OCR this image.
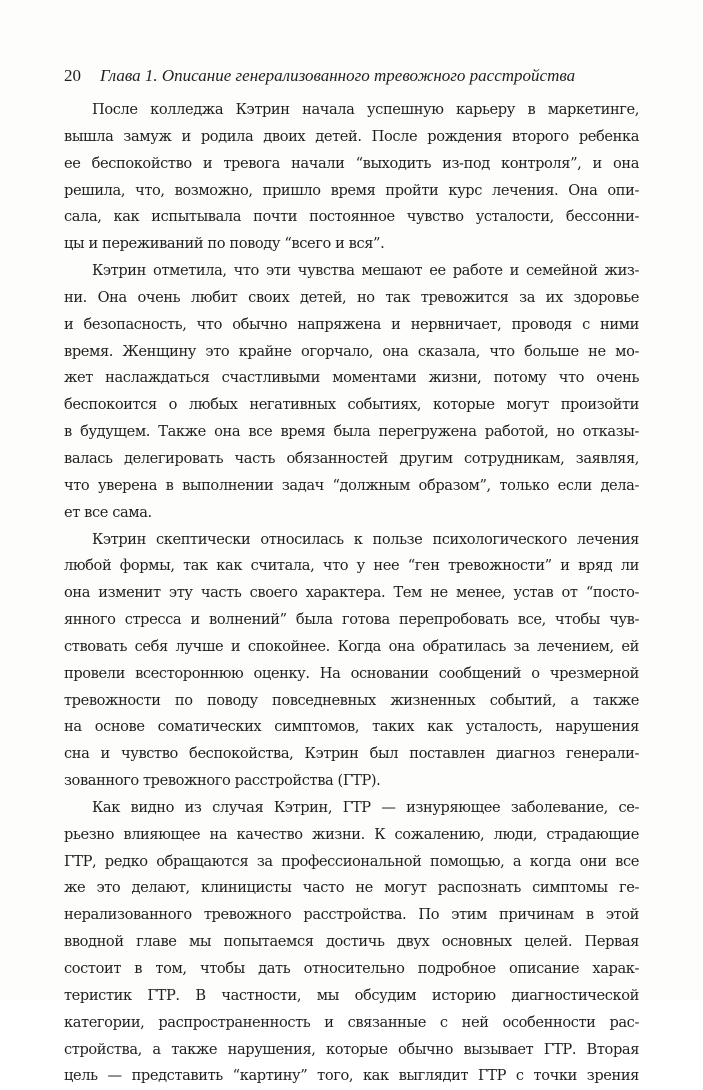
20 Глава 1. Описание генерализованного тревожного расстройства
После колледжа Кэтрин начала успешную карьеру в маркетинге,
вышла замуж и родила двоих детей. После рождения второго ребенка
ее беспокойство и тревога начали “выходить из-под контроля”, и она
решила, что, возможно, пришло время пройти курс лечения. Она опи-
сала, как испытывала почти постоянное чувство усталости, бессонни-
цы и переживаний по поводу “всего и вся”.
Кэтрин отметила, что эти чувства мешают ее работе и семейной жиз-
ни. Она очень любит своих детей, но так тревожится за их здоровье
и безопасность, что обычно напряжена и нервничает, проводя с ними
время. Женщину это крайне огорчало, она сказала, что больше не мо-
жет наслаждаться счастливыми моментами жизни, потому что очень
беспокоится о любых негативных событиях, которые могут произойти
в будущем. Также она все время была перегружена работой, но отказы-
валась делегировать часть обязанностей другим сотрудникам, заявляя,
что уверена в выполнении задач “должным образом”, только если дела-
ет все сама.
Кэтрин скептически относилась к пользе психологического лечения
любой формы, так как считала, что у нее “ген тревожности” и вряд ли
она изменит эту часть своего характера. Тем не менее, устав от “посто-
янного стресса и волнений” была готова перепробовать все, чтобы чув-
ствовать себя лучше и спокойнее. Когда она обратилась за лечением, ей
провели всестороннюю оценку. На основании сообщений о чрезмерной
тревожности по поводу повседневных жизненных событий, а также
на основе соматических симптомов, таких как усталость, нарушения
сна и чувство беспокойства, Кэтрин был поставлен диагноз генерали-
зованного тревожного расстройства (ГТР).
Как видно из случая Кэтрин, ГТР — изнуряющее заболевание, се-
рьезно влияющее на качество жизни. К сожалению, люди, страдающие
ГТР, редко обращаются за профессиональной помощью, а когда они все
же это делают, клиницисты часто не могут распознать симптомы ге-
нерализованного тревожного расстройства. По этим причинам в этой
вводной главе мы попытаемся достичь двух основных целей. Первая
состоит в том, чтобы дать относительно подробное описание харак-
теристик ГТР. В частности, мы обсудим историю диагностической
категории, распространенность и связанные с ней особенности рас-
стройства, а также нарушения, которые обычно вызывает ГТР. Вторая
цель — представить “картину” того, как выглядит ГТР с точки зрения
